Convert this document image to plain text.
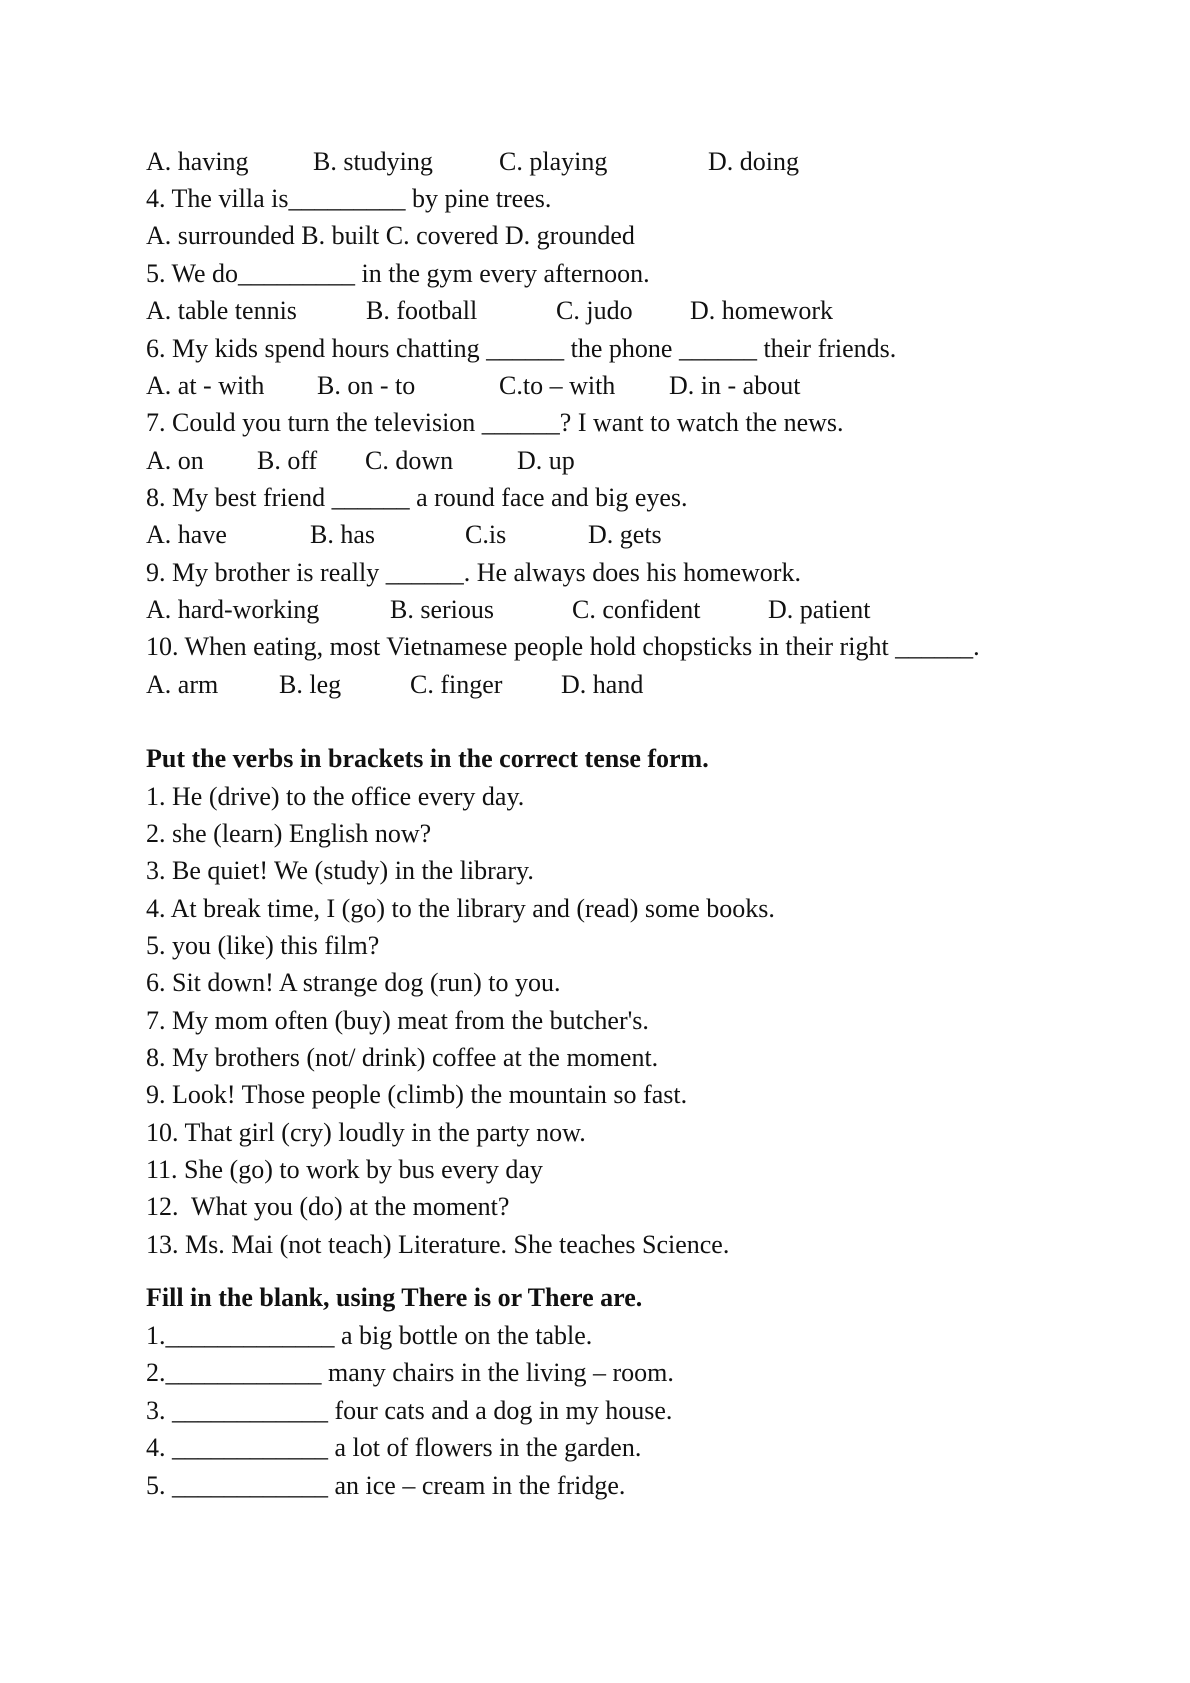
A. having B. studying	C. playing	D. doing
4. The villa is_________ by pine trees.
A. surrounded B. built C. covered D. grounded
5. We do_________ in the gym every afternoon.
A. table tennis	B. football	C. judo D. homework
6. My kids spend hours chatting ______ the phone ______ their friends.
A. at - with B. on - to	C.to – with D. in - about
7. Could you turn the television ______? I want to watch the news.
A. on B. off C. down D. up
8. My best friend ______ a round face and big eyes.
A. have	B. has	C.is	D. gets
9. My brother is really ______. He always does his homework.
A. hard-working	B. serious	C. confident	D. patient
10. When eating, most Vietnamese people hold chopsticks in their right ______.
A. arm B. leg	C. finger D. hand
Put the verbs in brackets in the correct tense form.
1. He (drive) to the office every day.
2. she (learn) English now?
3. Be quiet! We (study) in the library.
4. At break time, I (go) to the library and (read) some books.
5. you (like) this film?
6. Sit down! A strange dog (run) to you.
7. My mom often (buy) meat from the butcher's.
8. My brothers (not/ drink) coffee at the moment.
9. Look! Those people (climb) the mountain so fast.
10. That girl (cry) loudly in the party now.
11. She (go) to work by bus every day
12.  What you (do) at the moment?
13. Ms. Mai (not teach) Literature. She teaches Science.
Fill in the blank, using There is or There are.
1._____________ a big bottle on the table.
2.____________ many chairs in the living – room.
3. ____________ four cats and a dog in my house.
4. ____________ a lot of flowers in the garden.
5. ____________ an ice – cream in the fridge.
